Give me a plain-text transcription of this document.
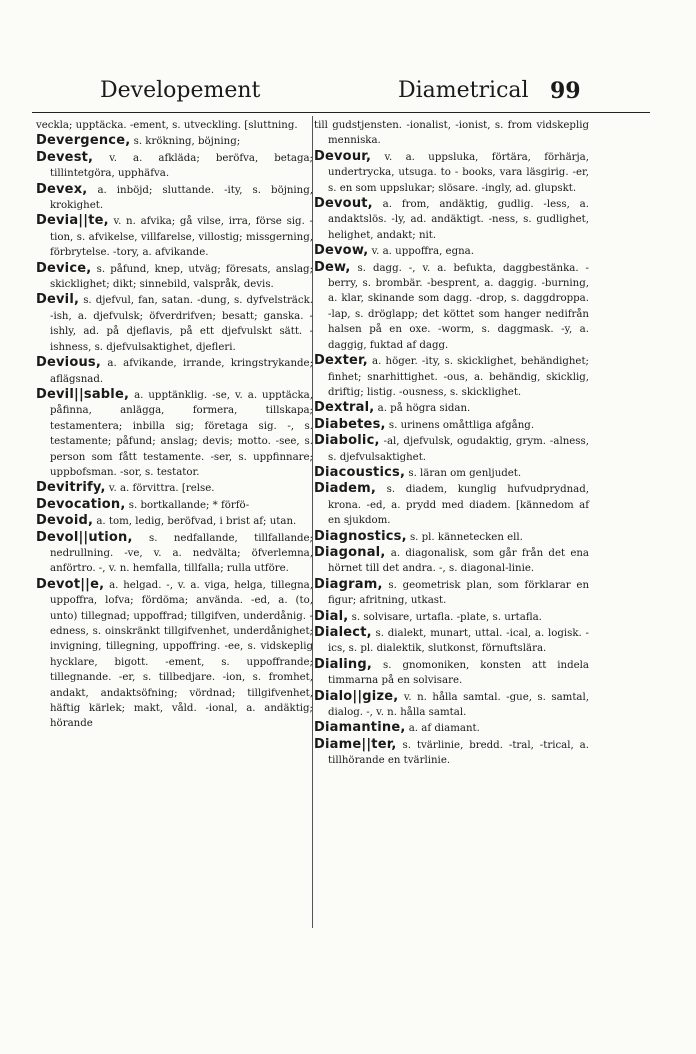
Developement	Diametrical 99
veckla; upptäcka. -ement, s. utveckling. [sluttning.
Devergence, s. krökning, böjning;
Devest, v. a. afkläda; beröfva, betaga; tillintetgöra, upphäfva.
Devex, a. inböjd; sluttande. -ity, s. böjning, krokighet.
Devia||te, v. n. afvika; gå vilse, irra, förse sig. -tion, s. afvikelse, villfarelse, villostig; missgerning, förbrytelse. -tory, a. afvikande.
Device, s. påfund, knep, utväg; föresats, anslag; skicklighet; dikt; sinnebild, valspråk, devis.
Devil, s. djefvul, fan, satan. -dung, s. dyfvelsträck. -ish, a. djefvulsk; öfverdrifven; besatt; ganska. -ishly, ad. på djeflavis, på ett djefvulskt sätt. -ishness, s. djefvulsaktighet, djefleri.
Devious, a. afvikande, irrande, kringstrykande; aflägsnad.
Devil||sable, a. upptänklig. -se, v. a. upptäcka, påfinna, anlägga, formera, tillskapa; testamentera; inbilla sig; företaga sig. -, s. testamente; påfund; anslag; devis; motto. -see, s. person som fått testamente. -ser, s. uppfinnare; uppbofsman. -sor, s. testator.
Devitrify, v. a. förvittra. [relse.
Devocation, s. bortkallande; * förfö-
Devoid, a. tom, ledig, beröfvad, i brist af; utan.
Devol||ution, s. nedfallande, tillfallande; nedrullning. -ve, v. a. nedvälta; öfverlemna, anförtro. -, v. n. hemfalla, tillfalla; rulla utföre.
Devot||e, a. helgad. -, v. a. viga, helga, tillegna, uppoffra, lofva; fördöma; använda. -ed, a. (to, unto) tillegnad; uppoffrad; tillgifven, underdånig. -edness, s. oinskränkt tillgifvenhet, underdånighet; invigning, tillegning, uppoffring. -ee, s. vidskeplig hycklare, bigott. -ement, s. uppoffrande; tillegnande. -er, s. tillbedjare. -ion, s. fromhet, andakt, andaktsöfning; vördnad; tillgifvenhet, häftig kärlek; makt, våld. -ional, a. andäktig; hörande
till gudstjensten. -ionalist, -ionist, s. from vidskeplig menniska.
Devour, v. a. uppsluka, förtära, förhärja, undertrycka, utsuga. to - books, vara läsgirig. -er, s. en som uppslukar; slösare. -ingly, ad. glupskt.
Devout, a. from, andäktig, gudlig. -less, a. andaktslös. -ly, ad. andäktigt. -ness, s. gudlighet, helighet, andakt; nit.
Devow, v. a. uppoffra, egna.
Dew, s. dagg. -, v. a. befukta, daggbestänka. -berry, s. brombär. -besprent, a. daggig. -burning, a. klar, skinande som dagg. -drop, s. daggdroppa. -lap, s. dröglapp; det köttet som hanger nedifrån halsen på en oxe. -worm, s. daggmask. -y, a. daggig, fuktad af dagg.
Dexter, a. höger. -ity, s. skicklighet, behändighet; finhet; snarhittighet. -ous, a. behändig, skicklig, driftig; listig. -ousness, s. skicklighet.
Dextral, a. på högra sidan.
Diabetes, s. urinens omåttliga afgång.
Diabolic, -al, djefvulsk, ogudaktig, grym. -alness, s. djefvulsaktighet.
Diacoustics, s. läran om genljudet.
Diadem, s. diadem, kunglig hufvudprydnad, krona. -ed, a. prydd med diadem. [kännedom af en sjukdom.
Diagnostics, s. pl. kännetecken ell.
Diagonal, a. diagonalisk, som går från det ena hörnet till det andra. -, s. diagonal-linie.
Diagram, s. geometrisk plan, som förklarar en figur; afritning, utkast.
Dial, s. solvisare, urtafla. -plate, s. urtafla.
Dialect, s. dialekt, munart, uttal. -ical, a. logisk. -ics, s. pl. dialektik, slutkonst, förnuftslära.
Dialing, s. gnomoniken, konsten att indela timmarna på en solvisare.
Dialo||gize, v. n. hålla samtal. -gue, s. samtal, dialog. -, v. n. hålla samtal.
Diamantine, a. af diamant.
Diame||ter, s. tvärlinie, bredd. -tral, -trical, a. tillhörande en tvärlinie.
